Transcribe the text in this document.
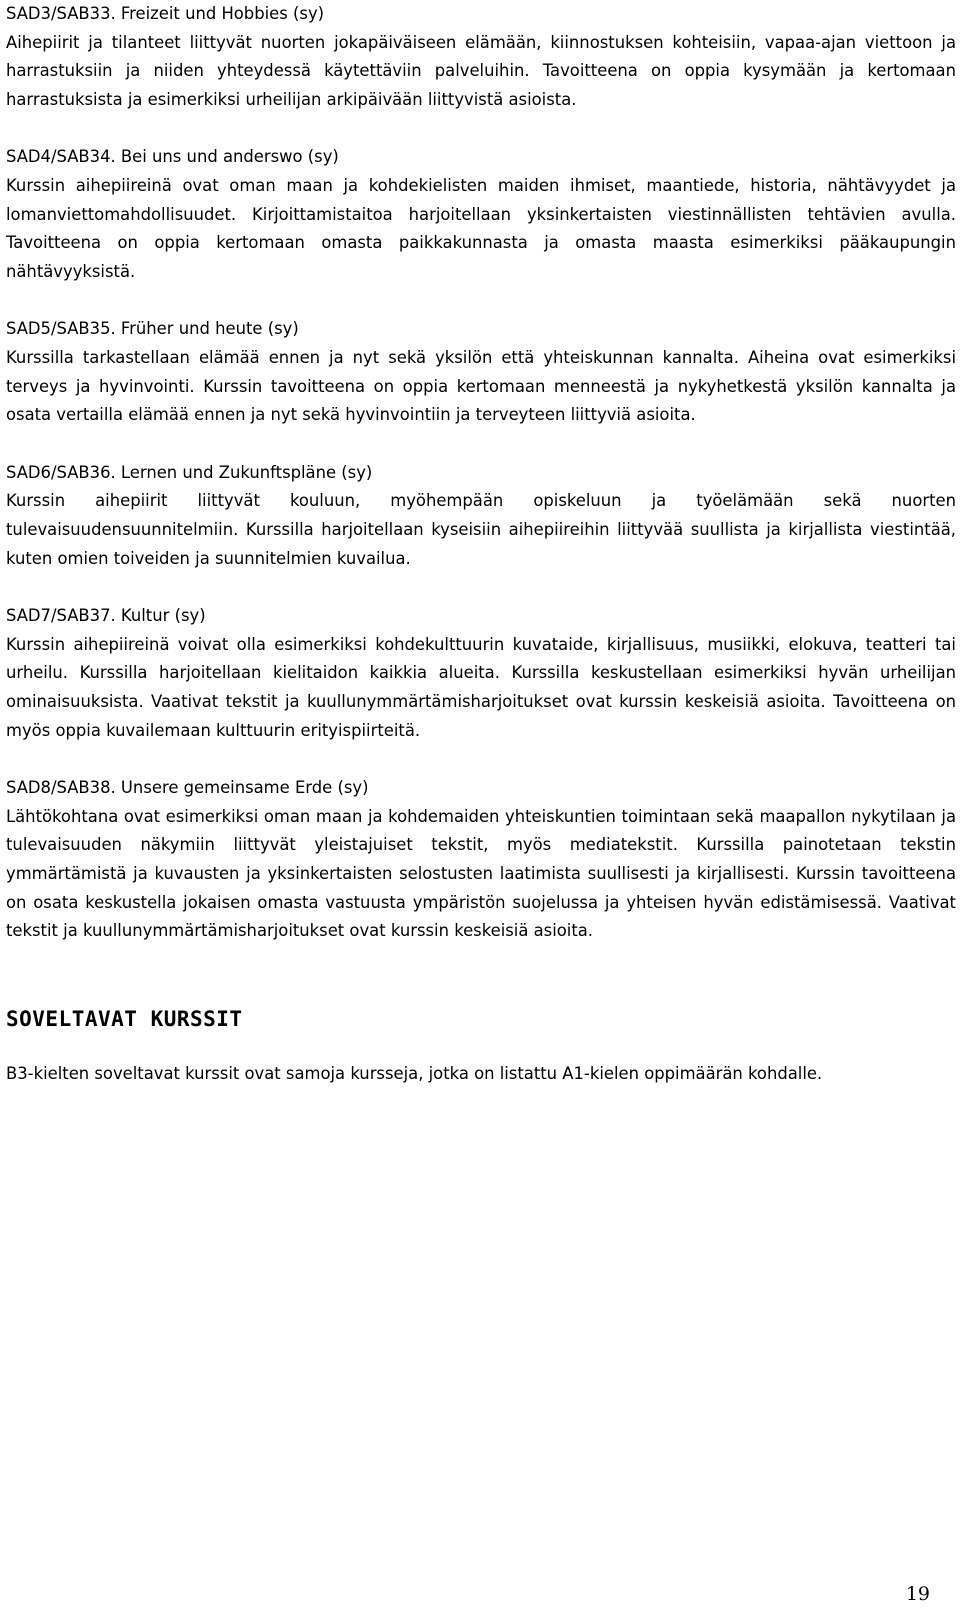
SAD3/SAB33. Freizeit und Hobbies (sy)
Aihepiirit ja tilanteet liittyvät nuorten jokapäiväiseen elämään, kiinnostuksen kohteisiin, vapaa-ajan viettoon ja harrastuksiin ja niiden yhteydessä käytettäviin palveluihin. Tavoitteena on oppia kysymään ja kertomaan harrastuksista ja esimerkiksi urheilijan arkipäivään liittyvistä asioista.

SAD4/SAB34. Bei uns und anderswo (sy)
Kurssin aihepiireinä ovat oman maan ja kohdekielisten maiden ihmiset, maantiede, historia, nähtävyydet ja lomanviettomahdollisuudet. Kirjoittamistaitoa harjoitellaan yksinkertaisten viestinnällisten tehtävien avulla. Tavoitteena on oppia kertomaan omasta paikkakunnasta ja omasta maasta esimerkiksi pääkaupungin nähtävyyksistä.

SAD5/SAB35. Früher und heute (sy)
Kurssilla tarkastellaan elämää ennen ja nyt sekä yksilön että yhteiskunnan kannalta. Aiheina ovat esimerkiksi terveys ja hyvinvointi. Kurssin tavoitteena on oppia kertomaan menneestä ja nykyhetkestä yksilön kannalta ja osata vertailla elämää ennen ja nyt sekä hyvinvointiin ja terveyteen liittyviä asioita.

SAD6/SAB36. Lernen und Zukunftspläne (sy)
Kurssin aihepiirit liittyvät kouluun, myöhempään opiskeluun ja työelämään sekä nuorten tulevaisuudensuunnitelmiin. Kurssilla harjoitellaan kyseisiin aihepiireihin liittyvää suullista ja kirjallista viestintää, kuten omien toiveiden ja suunnitelmien kuvailua.

SAD7/SAB37. Kultur (sy)
Kurssin aihepiireinä voivat olla esimerkiksi kohdekulttuurin kuvataide, kirjallisuus, musiikki, elokuva, teatteri tai urheilu. Kurssilla harjoitellaan kielitaidon kaikkia alueita. Kurssilla keskustellaan esimerkiksi hyvän urheilijan ominaisuuksista. Vaativat tekstit ja kuullunymmärtämisharjoitukset ovat kurssin keskeisiä asioita. Tavoitteena on myös oppia kuvailemaan kulttuurin erityispiirteitä.

SAD8/SAB38. Unsere gemeinsame Erde (sy)
Lähtökohtana ovat esimerkiksi oman maan ja kohdemaiden yhteiskuntien toimintaan sekä maapallon nykytilaan ja tulevaisuuden näkymiin liittyvät yleistajuiset tekstit, myös mediatekstit. Kurssilla painotetaan tekstin ymmärtämistä ja kuvausten ja yksinkertaisten selostusten laatimista suullisesti ja kirjallisesti. Kurssin tavoitteena on osata keskustella jokaisen omasta vastuusta ympäristön suojelussa ja yhteisen hyvän edistämisessä. Vaativat tekstit ja kuullunymmärtämisharjoitukset ovat kurssin keskeisiä asioita.

SOVELTAVAT KURSSIT

B3-kielten soveltavat kurssit ovat samoja kursseja, jotka on listattu A1-kielen oppimäärän kohdalle.

19
